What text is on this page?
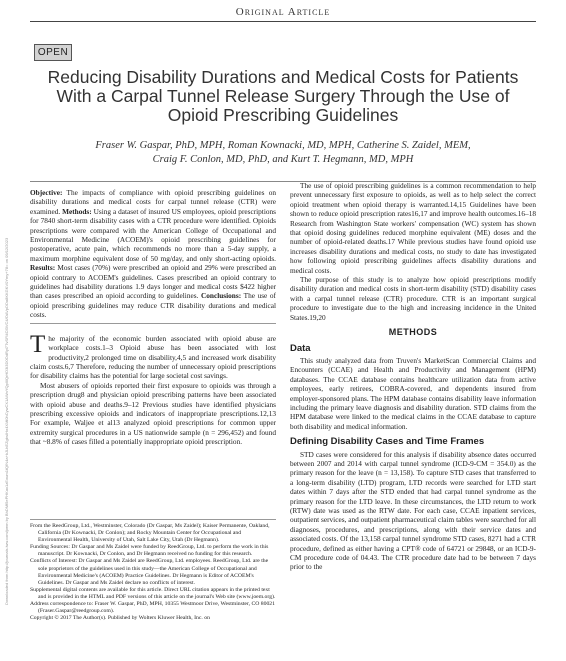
Original Article
OPEN
Reducing Disability Durations and Medical Costs for Patients With a Carpal Tunnel Release Surgery Through the Use of Opioid Prescribing Guidelines
Fraser W. Gaspar, PhD, MPH, Roman Kownacki, MD, MPH, Catherine S. Zaidel, MEM,
Craig F. Conlon, MD, PhD, and Kurt T. Hegmann, MD, MPH
Downloaded from http://journals.lww.com/joem by BhDMf5ePHKav1zEoum1tQfN4a+kJLhEZgbsIHo4XMi0hCywCX1AWnYQp/IlQrHD3i3D0OdRyi7TvSFl4Cf3VC4/OAVpDDa8KKGKV0Ymy+78= on 09/12/2023
Objective: The impacts of compliance with opioid prescribing guidelines on disability durations and medical costs for carpal tunnel release (CTR) were examined. Methods: Using a dataset of insured US employees, opioid prescriptions for 7840 short-term disability cases with a CTR procedure were identified. Opioids prescriptions were compared with the American College of Occupational and Environmental Medicine (ACOEM)'s opioid prescribing guidelines for postoperative, acute pain, which recommends no more than a 5-day supply, a maximum morphine equivalent dose of 50 mg/day, and only short-acting opioids. Results: Most cases (70%) were prescribed an opioid and 29% were prescribed an opioid contrary to ACOEM's guidelines. Cases prescribed an opioid contrary to guidelines had disability durations 1.9 days longer and medical costs $422 higher than cases prescribed an opioid according to guidelines. Conclusions: The use of opioid prescribing guidelines may reduce CTR disability durations and medical costs.

The majority of the economic burden associated with opioid abuse are workplace costs.1–3 Opioid abuse has been associated with lost productivity,2 prolonged time on disability,4,5 and increased work disability claim costs.6,7 Therefore, reducing the number of unnecessary opioid prescriptions for disability claims has the potential for large societal cost savings.

Most abusers of opioids reported their first exposure to opioids was through a prescription drug8 and physician opioid prescribing patterns have been associated with opioid abuse and deaths.9–12 Previous studies have identified physicians prescribing excessive opioids and indicators of inappropriate prescriptions.12,13 For example, Waljee et al13 analyzed opioid prescriptions for common upper extremity surgical procedures in a US nationwide sample (n = 296,452) and found that ~8.8% of cases filled a potentially inappropriate opioid prescription.

From the ReedGroup, Ltd., Westminster, Colorado (Dr Gaspar, Ms Zaidel); Kaiser Permanente, Oakland, California (Dr Kownacki, Dr Conlon); and Rocky Mountain Center for Occupational and Environmental Health, University of Utah, Salt Lake City, Utah (Dr Hegmann).

Funding Sources: Dr Gaspar and Ms Zaidel were funded by ReedGroup, Ltd. to perform the work in this manuscript. Dr Kownacki, Dr Conlon, and Dr Hegmann received no funding for this research.

Conflicts of Interest: Dr Gaspar and Ms Zaidel are ReedGroup, Ltd. employees. ReedGroup, Ltd. are the sole proprietors of the guidelines used in this study—the American College of Occupational and Environmental Medicine's (ACOEM) Practice Guidelines. Dr Hegmann is Editor of ACOEM's Guidelines. Dr Gaspar and Ms Zaidel declare no conflicts of interest.

Supplemental digital contents are available for this article. Direct URL citation appears in the printed text and is provided in the HTML and PDF versions of this article on the journal's Web site (www.joem.org).

Address correspondence to: Fraser W. Gaspar, PhD, MPH, 10355 Westmoor Drive, Westminster, CO 80021 (Fraser.Gaspar@reedgroup.com).

Copyright © 2017 The Author(s). Published by Wolters Kluwer Health, Inc. on

The use of opioid prescribing guidelines is a common recommendation to help prevent unnecessary first exposure to opioids, as well as to help select the correct opioid treatment when opioid therapy is warranted.14,15 Guidelines have been shown to reduce opioid prescription rates16,17 and improve health outcomes.16–18 Research from Washington State workers' compensation (WC) system has shown that opioid dosing guidelines reduced morphine equivalent (ME) doses and the number of opioid-related deaths.17 While previous studies have found opioid use increases disability durations and medical costs, no study to date has investigated how following opioid prescribing guidelines affects disability durations and medical costs.

The purpose of this study is to analyze how opioid prescriptions modify disability duration and medical costs in short-term disability (STD) disability cases with a carpal tunnel release (CTR) procedure. CTR is an important surgical procedure to investigate due to the high and increasing incidence in the United States.19,20

METHODS
Data

This study analyzed data from Truven's MarketScan Commercial Claims and Encounters (CCAE) and Health and Productivity and Management (HPM) databases. The CCAE database contains healthcare utilization data from active employees, early retirees, COBRA-covered, and dependents insured from employer-sponsored plans. The HPM database contains disability leave information including the primary leave diagnosis and disability duration. STD claims from the HPM database were linked to the medical claims in the CCAE database to capture both disability and medical information.

Defining Disability Cases and Time Frames

STD cases were considered for this analysis if disability absence dates occurred between 2007 and 2014 with carpal tunnel syndrome (ICD-9-CM = 354.0) as the primary reason for the leave (n = 13,158). To capture STD cases that transferred to a long-term disability (LTD) program, LTD records were searched for LTD start dates within 7 days after the STD ended that had carpal tunnel syndrome as the primary reason for the LTD leave. In these circumstances, the LTD return to work (RTW) date was used as the RTW date. For each case, CCAE inpatient services, outpatient services, and outpatient pharmaceutical claim tables were searched for all diagnoses, procedures, and prescriptions, along with their service dates and associated costs. Of the 13,158 carpal tunnel syndrome STD cases, 8271 had a CTR procedure, defined as either having a CPT® code of 64721 or 29848, or an ICD-9-CM procedure code of 04.43. The CTR procedure date had to be between 7 days prior to the
